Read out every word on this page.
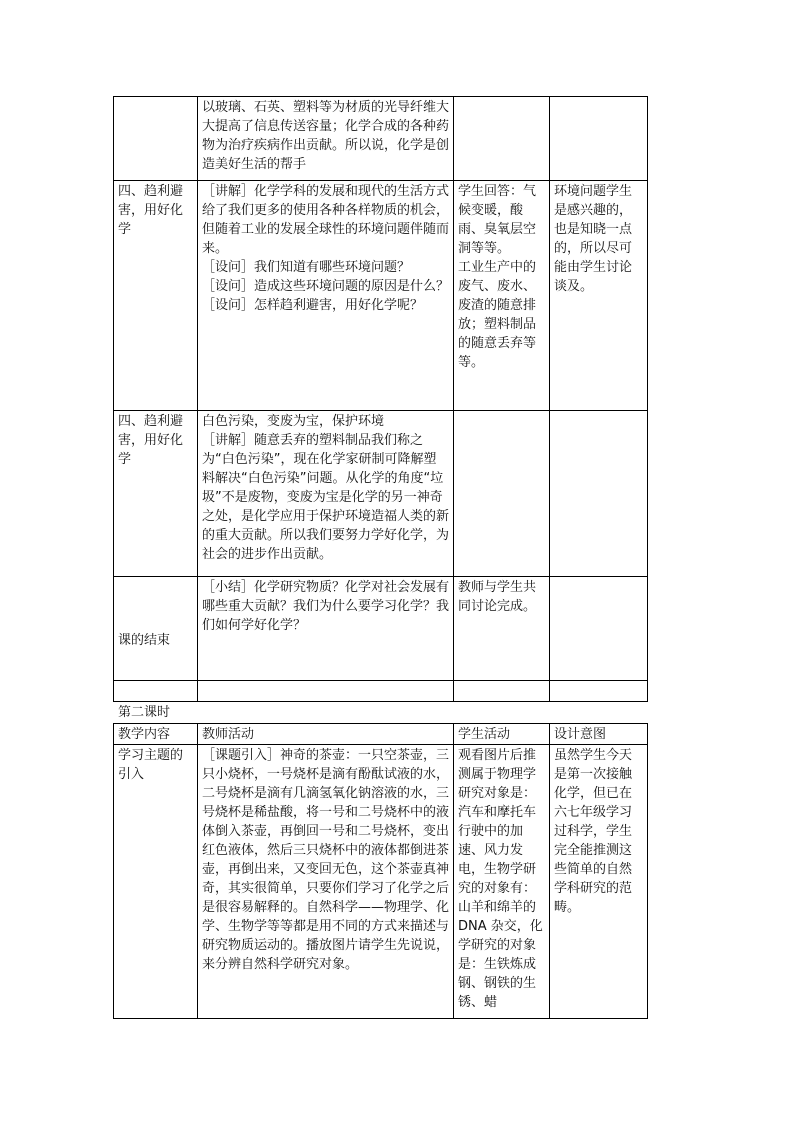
	以玻璃、石英、塑料等为材质的光导纤维大大提高了信息传送容量；化学合成的各种药物为治疗疾病作出贡献。所以说，化学是创造美好生活的帮手		
四、趋利避害，用好化学	［讲解］化学学科的发展和现代的生活方式给了我们更多的使用各种各样物质的机会，但随着工业的发展全球性的环境问题伴随而来。
［设问］我们知道有哪些环境问题？
［设问］造成这些环境问题的原因是什么？
［设问］怎样趋利避害，用好化学呢？	学生回答：气候变暖，酸雨、臭氧层空洞等等。
工业生产中的废气、废水、废渣的随意排放；塑料制品的随意丢弃等等。	环境问题学生是感兴趣的，也是知晓一点的，所以尽可能由学生讨论谈及。
四、趋利避害，用好化学	白色污染，变废为宝，保护环境
［讲解］随意丢弃的塑料制品我们称之为“白色污染”，现在化学家研制可降解塑料解决“白色污染”问题。从化学的角度“垃圾”不是废物，变废为宝是化学的另一神奇之处，是化学应用于保护环境造福人类的新的重大贡献。所以我们要努力学好化学，为社会的进步作出贡献。		
课的结束	［小结］化学研究物质？化学对社会发展有哪些重大贡献？我们为什么要学习化学？我们如何学好化学？	教师与学生共同讨论完成。	

第二课时
教学内容	教师活动	学生活动	设计意图
学习主题的引入	［课题引入］神奇的茶壶：一只空茶壶，三只小烧杯，一号烧杯是滴有酚酞试液的水，二号烧杯是滴有几滴氢氧化钠溶液的水，三号烧杯是稀盐酸，将一号和二号烧杯中的液体倒入茶壶，再倒回一号和二号烧杯，变出红色液体，然后三只烧杯中的液体都倒进茶壶，再倒出来，又变回无色，这个茶壶真神奇，其实很简单，只要你们学习了化学之后是很容易解释的。自然科学——物理学、化学、生物学等等都是用不同的方式来描述与研究物质运动的。播放图片请学生先说说，来分辨自然科学研究对象。	观看图片后推测属于物理学研究对象是：汽车和摩托车行驶中的加速、风力发电，生物学研究的对象有：山羊和绵羊的 DNA 杂交，化学研究的对象是：生铁炼成钢、钢铁的生锈、蜡	虽然学生今天是第一次接触化学，但已在六七年级学习过科学，学生完全能推测这些简单的自然学科研究的范畴。
